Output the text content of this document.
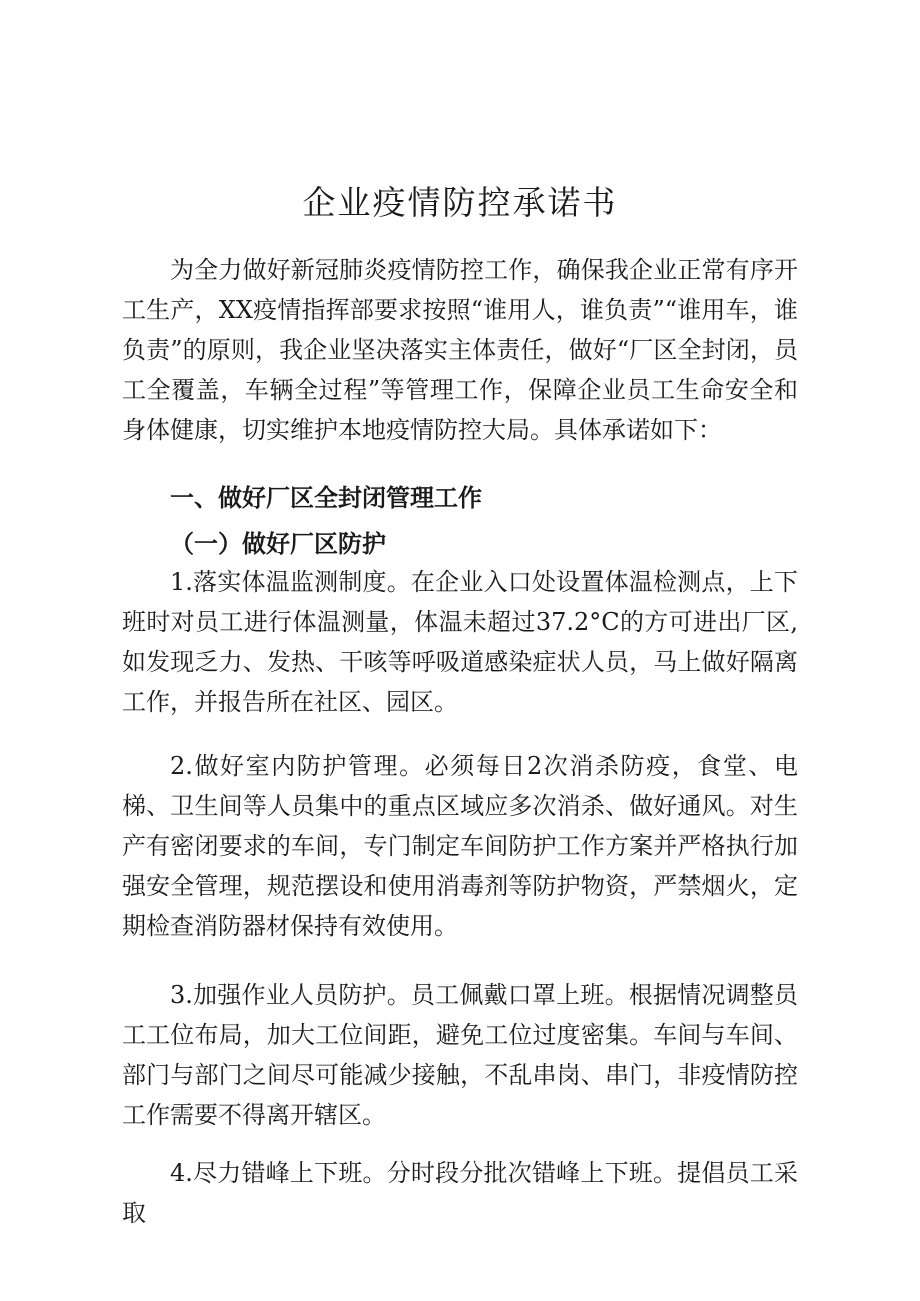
企业疫情防控承诺书

为全力做好新冠肺炎疫情防控工作，确保我企业正常有序开工生产，XX疫情指挥部要求按照“谁用人，谁负责”“谁用车，谁负责”的原则，我企业坚决落实主体责任，做好“厂区全封闭，员工全覆盖，车辆全过程”等管理工作，保障企业员工生命安全和身体健康，切实维护本地疫情防控大局。具体承诺如下：

一、做好厂区全封闭管理工作
（一）做好厂区防护

1.落实体温监测制度。在企业入口处设置体温检测点，上下班时对员工进行体温测量，体温未超过37.2°C的方可进出厂区,如发现乏力、发热、干咳等呼吸道感染症状人员，马上做好隔离工作，并报告所在社区、园区。

2.做好室内防护管理。必须每日2次消杀防疫，食堂、电梯、卫生间等人员集中的重点区域应多次消杀、做好通风。对生产有密闭要求的车间，专门制定车间防护工作方案并严格执行加强安全管理，规范摆设和使用消毒剂等防护物资，严禁烟火，定期检查消防器材保持有效使用。

3.加强作业人员防护。员工佩戴口罩上班。根据情况调整员工工位布局，加大工位间距，避免工位过度密集。车间与车间、部门与部门之间尽可能减少接触，不乱串岗、串门，非疫情防控工作需要不得离开辖区。

4.尽力错峰上下班。分时段分批次错峰上下班。提倡员工采取
